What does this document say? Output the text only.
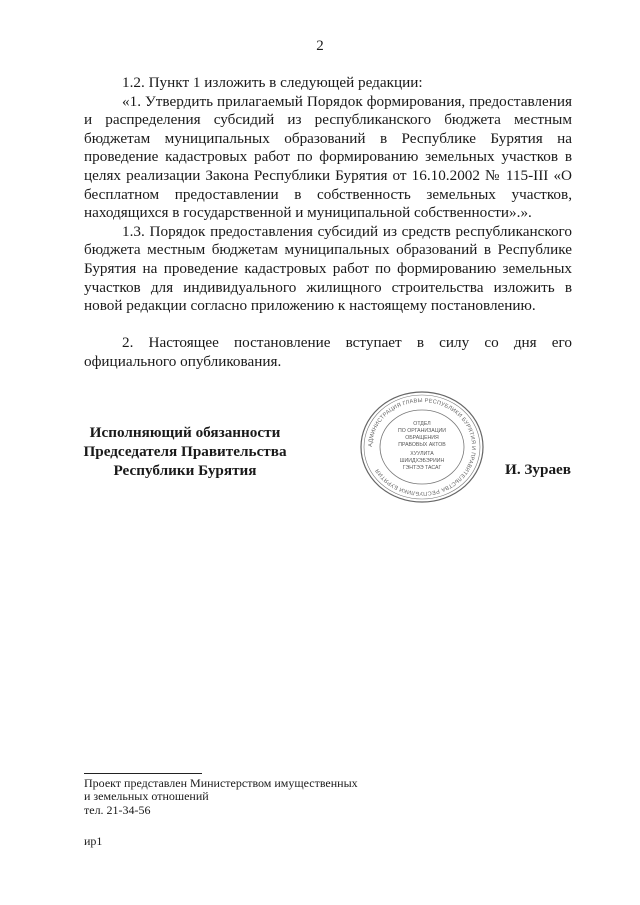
2

1.2. Пункт 1 изложить в следующей редакции:

«1. Утвердить прилагаемый Порядок формирования, предоставления и распределения субсидий из республиканского бюджета местным бюджетам муниципальных образований в Республике Бурятия на проведение кадастровых работ по формированию земельных участков в целях реализации Закона Республики Бурятия от 16.10.2002 № 115-III «О бесплатном предоставлении в собственность земельных участков, находящихся в государственной и муниципальной собственности».».

1.3. Порядок предоставления субсидий из средств республиканского бюджета местным бюджетам муниципальных образований в Республике Бурятия на проведение кадастровых работ по формированию земельных участков для индивидуального жилищного строительства изложить в новой редакции согласно приложению к настоящему постановлению.

2. Настоящее постановление вступает в силу со дня его официального опубликования.

Исполняющий обязанности
Председателя Правительства
Республики Бурятия
АДМИНИСТРАЦИЯ ГЛАВЫ РЕСПУБЛИКИ БУРЯТИЯ И ПРАВИТЕЛЬСТВА РЕСПУБЛИКИ БУРЯТИЯ
ОТДЕЛ
ПО ОРГАНИЗАЦИИ
ОБРАЩЕНИЯ
ПРАВОВЫХ АКТОВ
ХУУЛИТА
ШИИДХЭБЭРИИН
ГЭНТЭЭ ТАСАГ	И. Зураев
Проект представлен Министерством имущественных
и земельных отношений
тел. 21-34-56
ир1
